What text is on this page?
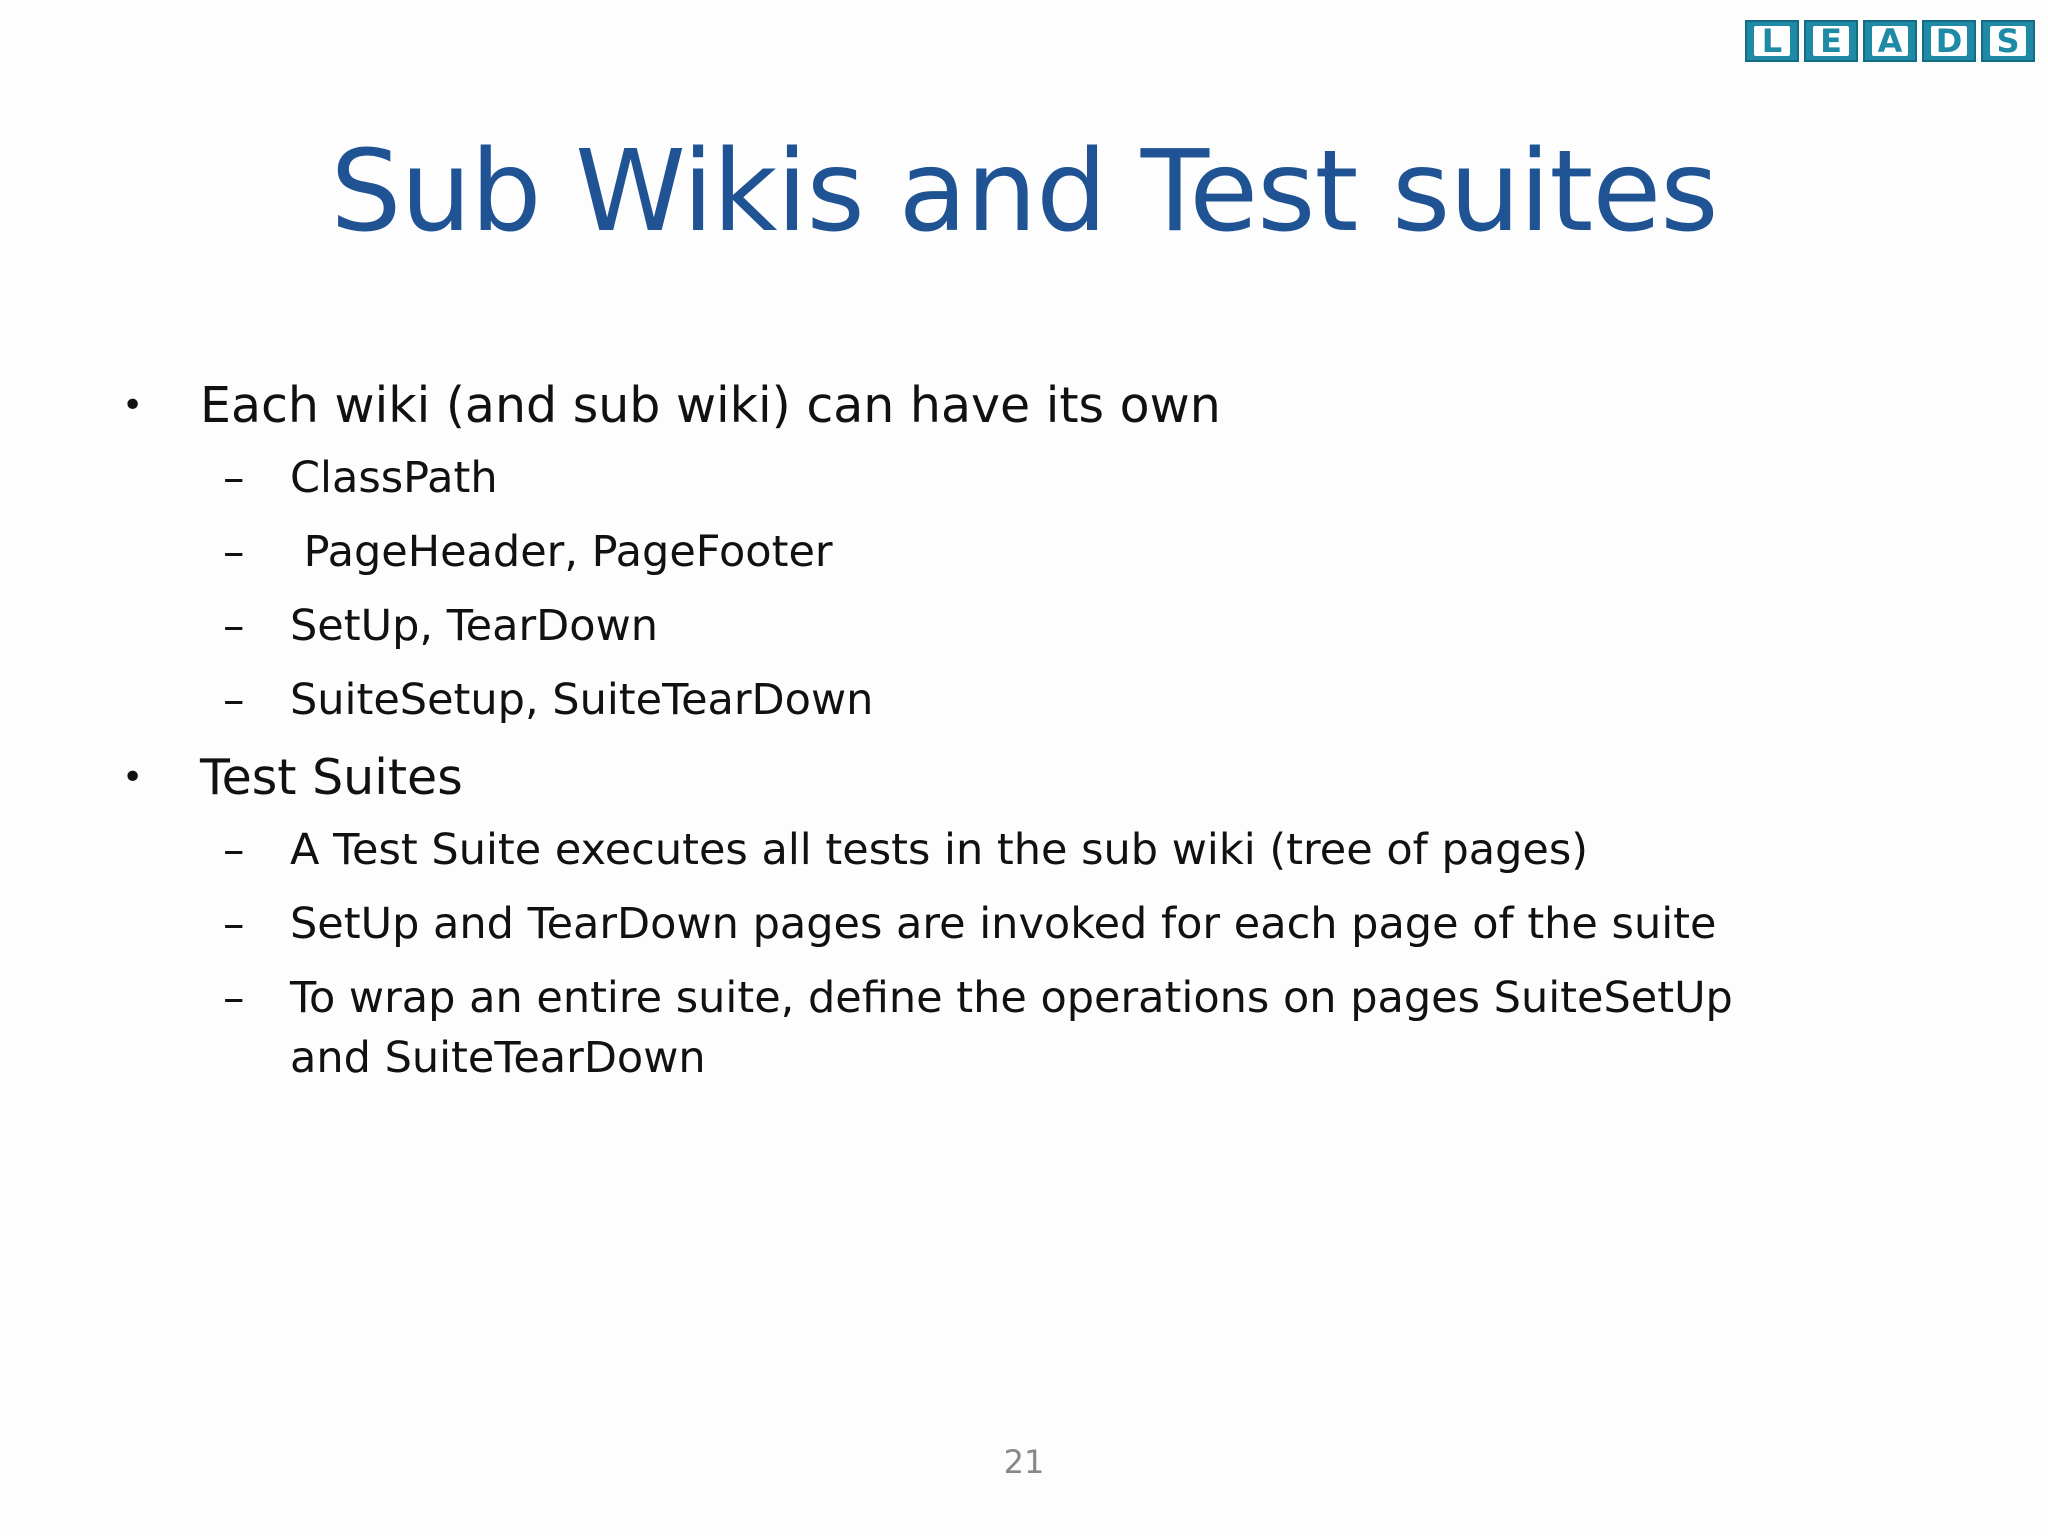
L E A D S
Sub Wikis and Test suites
• Each wiki (and sub wiki) can have its own
– ClassPath
– PageHeader, PageFooter
– SetUp, TearDown
– SuiteSetup, SuiteTearDown
• Test Suites
– A Test Suite executes all tests in the sub wiki (tree of pages)
– SetUp and TearDown pages are invoked for each page of the suite
– To wrap an entire suite, define the operations on pages SuiteSetUp and SuiteTearDown
21
